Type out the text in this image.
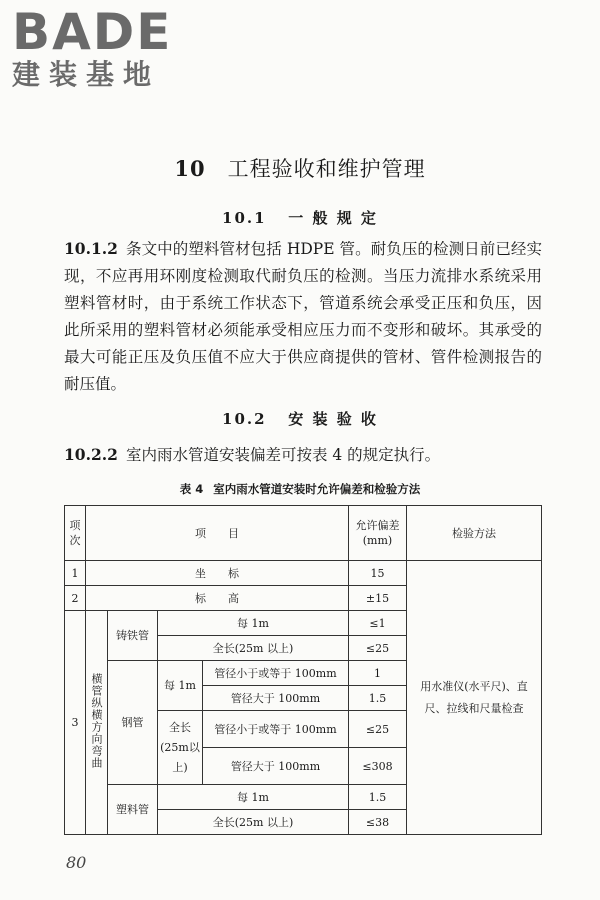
BADE
建装基地
10 工程验收和维护管理
10.1 一 般 规 定
10.1.2 条文中的塑料管材包括 HDPE 管。耐负压的检测日前已经实现，不应再用环刚度检测取代耐负压的检测。当压力流排水系统采用塑料管材时，由于系统工作状态下，管道系统会承受正压和负压，因此所采用的塑料管材必须能承受相应压力而不变形和破坏。其承受的最大可能正压及负压值不应大于供应商提供的管材、管件检测报告的耐压值。
10.2 安 装 验 收
10.2.2 室内雨水管道安装偏差可按表 4 的规定执行。
表 4 室内雨水管道安装时允许偏差和检验方法
项次	项　　目				允许偏差(mm)	检验方法
1	坐　　标				15	用水准仪(水平尺)、直尺、拉线和尺量检查
2	标　　高				±15	
3	横管纵横方向弯曲	铸铁管	每 1m		≤1	
			全长(25m 以上)		≤25	
		钢管	每 1m	管径小于或等于 100mm	1	
				管径大于 100mm	1.5	
			全长(25m以上)	管径小于或等于 100mm	≤25	
				管径大于 100mm	≤308	
		塑料管	每 1m		1.5	
			全长(25m 以上)		≤38	
80
